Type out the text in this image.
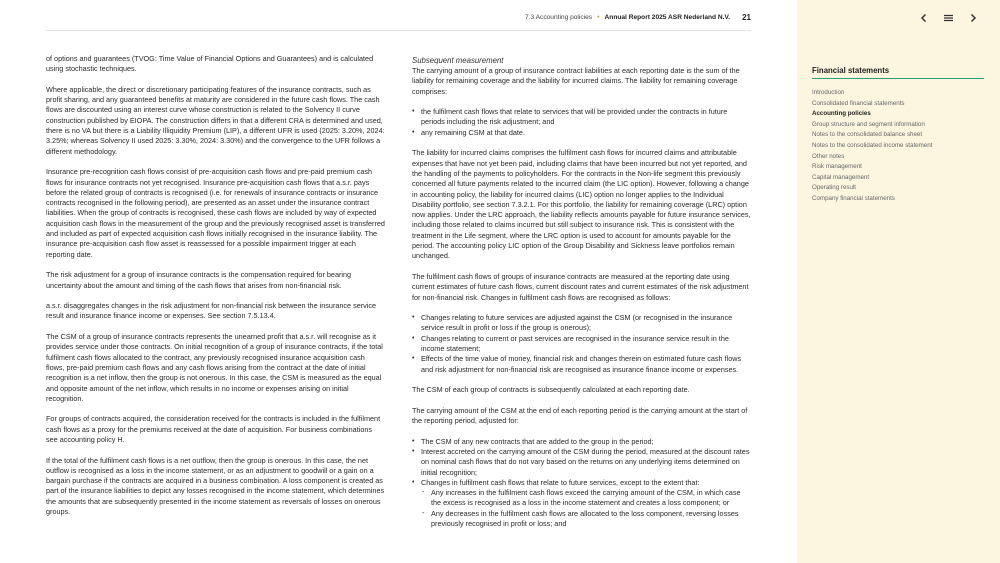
7.3 Accounting policies • Annual Report 2025 ASR Nederland N.V. 21

of options and guarantees (TVOG: Time Value of Financial Options and Guarantees) and is calculated using stochastic techniques.

Where applicable, the direct or discretionary participating features of the insurance contracts, such as profit sharing, and any guaranteed benefits at maturity are considered in the future cash flows. The cash flows are discounted using an interest curve whose construction is related to the Solvency II curve construction published by EIOPA. The construction differs in that a different CRA is determined and used, there is no VA but there is a Liability Illiquidity Premium (LIP), a different UFR is used (2025: 3.20%, 2024: 3.25%; whereas Solvency II used 2025: 3.30%, 2024: 3.30%) and the convergence to the UFR follows a different methodology.

Insurance pre-recognition cash flows consist of pre-acquisition cash flows and pre-paid premium cash flows for insurance contracts not yet recognised. Insurance pre-acquisition cash flows that a.s.r. pays before the related group of contracts is recognised (i.e. for renewals of insurance contracts or insurance contracts recognised in the following period), are presented as an asset under the insurance contract liabilities. When the group of contracts is recognised, these cash flows are included by way of expected acquisition cash flows in the measurement of the group and the previously recognised asset is transferred and included as part of expected acquisition cash flows initially recognised in the insurance liability. The insurance pre-acquisition cash flow asset is reassessed for a possible impairment trigger at each reporting date.

The risk adjustment for a group of insurance contracts is the compensation required for bearing uncertainty about the amount and timing of the cash flows that arises from non-financial risk.

a.s.r. disaggregates changes in the risk adjustment for non-financial risk between the insurance service result and insurance finance income or expenses. See section 7.5.13.4.

The CSM of a group of insurance contracts represents the unearned profit that a.s.r. will recognise as it provides service under those contracts. On initial recognition of a group of insurance contracts, if the total fulfilment cash flows allocated to the contract, any previously recognised insurance acquisition cash flows, pre-paid premium cash flows and any cash flows arising from the contract at the date of initial recognition is a net inflow, then the group is not onerous. In this case, the CSM is measured as the equal and opposite amount of the net inflow, which results in no income or expenses arising on initial recognition.

For groups of contracts acquired, the consideration received for the contracts is included in the fulfilment cash flows as a proxy for the premiums received at the date of acquisition. For business combinations see accounting policy H.

If the total of the fulfilment cash flows is a net outflow, then the group is onerous. In this case, the net outflow is recognised as a loss in the income statement, or as an adjustment to goodwill or a gain on a bargain purchase if the contracts are acquired in a business combination. A loss component is created as part of the insurance liabilities to depict any losses recognised in the income statement, which determines the amounts that are subsequently presented in the income statement as reversals of losses on onerous groups.

Subsequent measurement

The carrying amount of a group of insurance contract liabilities at each reporting date is the sum of the liability for remaining coverage and the liability for incurred claims. The liability for remaining coverage comprises:

• the fulfilment cash flows that relate to services that will be provided under the contracts in future periods including the risk adjustment; and
• any remaining CSM at that date.

The liability for incurred claims comprises the fulfilment cash flows for incurred claims and attributable expenses that have not yet been paid, including claims that have been incurred but not yet reported, and the handling of the payments to policyholders. For the contracts in the Non-life segment this previously concerned all future payments related to the incurred claim (the LIC option). However, following a change in accounting policy, the liability for incurred claims (LIC) option no longer applies to the Individual Disability portfolio, see section 7.3.2.1. For this portfolio, the liability for remaining coverage (LRC) option now applies. Under the LRC approach, the liability reflects amounts payable for future insurance services, including those related to claims incurred but still subject to insurance risk. This is consistent with the treatment in the Life segment, where the LRC option is used to account for amounts payable for the period. The accounting policy LIC option of the Group Disability and Sickness leave portfolios remain unchanged.

The fulfilment cash flows of groups of insurance contracts are measured at the reporting date using current estimates of future cash flows, current discount rates and current estimates of the risk adjustment for non-financial risk. Changes in fulfilment cash flows are recognised as follows:

• Changes relating to future services are adjusted against the CSM (or recognised in the insurance service result in profit or loss if the group is onerous);
• Changes relating to current or past services are recognised in the insurance service result in the income statement;
• Effects of the time value of money, financial risk and changes therein on estimated future cash flows and risk adjustment for non-financial risk are recognised as insurance finance income or expenses.

The CSM of each group of contracts is subsequently calculated at each reporting date.

The carrying amount of the CSM at the end of each reporting period is the carrying amount at the start of the reporting period, adjusted for:

• The CSM of any new contracts that are added to the group in the period;
• Interest accreted on the carrying amount of the CSM during the period, measured at the discount rates on nominal cash flows that do not vary based on the returns on any underlying items determined on initial recognition;
• Changes in fulfilment cash flows that relate to future services, except to the extent that:
- Any increases in the fulfilment cash flows exceed the carrying amount of the CSM, in which case the excess is recognised as a loss in the income statement and creates a loss component; or
- Any decreases in the fulfilment cash flows are allocated to the loss component, reversing losses previously recognised in profit or loss; and
Financial statements
Introduction
Consolidated financial statements
Accounting policies
Group structure and segment information
Notes to the consolidated balance sheet
Notes to the consolidated income statement
Other notes
Risk management
Capital management
Operating result
Company financial statements
